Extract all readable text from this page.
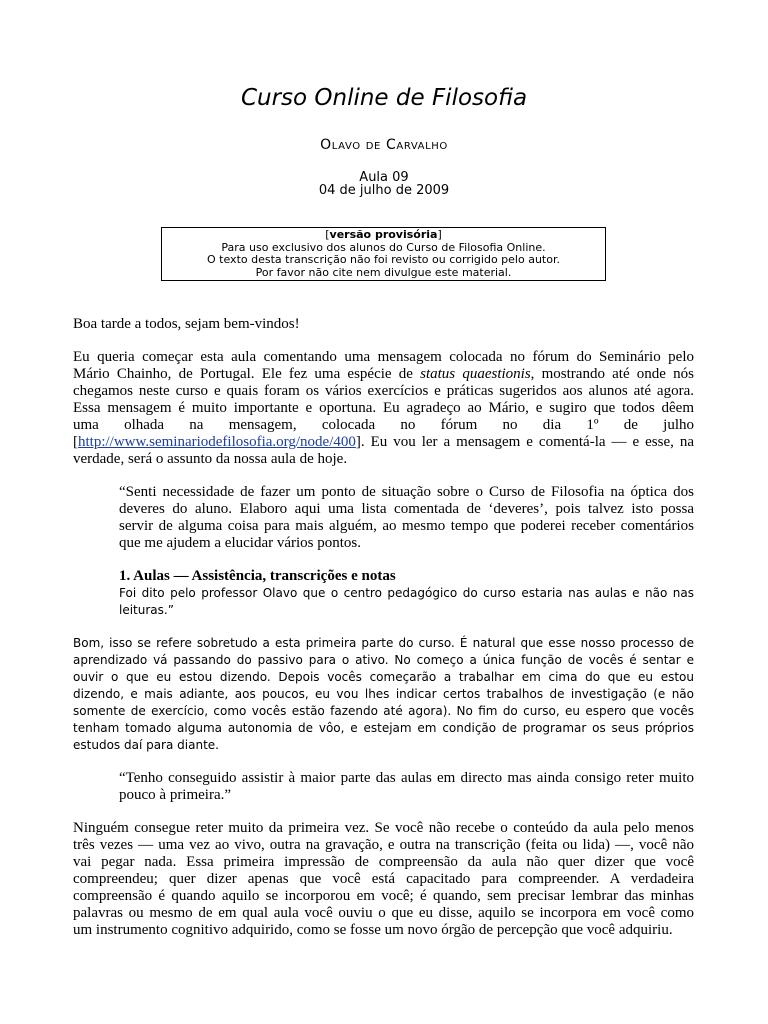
Curso Online de Filosofia
Olavo de Carvalho
Aula 09
04 de julho de 2009
[versão provisória]
Para uso exclusivo dos alunos do Curso de Filosofia Online.
O texto desta transcrição não foi revisto ou corrigido pelo autor.
Por favor não cite nem divulgue este material.
Boa tarde a todos, sejam bem-vindos!
Eu queria começar esta aula comentando uma mensagem colocada no fórum do Seminário pelo
Mário Chainho, de Portugal. Ele fez uma espécie de status quaestionis, mostrando até onde nós
chegamos neste curso e quais foram os vários exercícios e práticas sugeridos aos alunos até agora.
Essa mensagem é muito importante e oportuna. Eu agradeço ao Mário, e sugiro que todos dêem
uma olhada na mensagem, colocada no fórum no dia 1º de julho
[http://www.seminariodefilosofia.org/node/400]. Eu vou ler a mensagem e comentá-la — e esse, na
verdade, será o assunto da nossa aula de hoje.
“Senti necessidade de fazer um ponto de situação sobre o Curso de Filosofia na óptica dos
deveres do aluno. Elaboro aqui uma lista comentada de ‘deveres’, pois talvez isto possa
servir de alguma coisa para mais alguém, ao mesmo tempo que poderei receber comentários
que me ajudem a elucidar vários pontos.
1. Aulas — Assistência, transcrições e notas
Foi dito pelo professor Olavo que o centro pedagógico do curso estaria nas aulas e não nas
leituras.”
Bom, isso se refere sobretudo a esta primeira parte do curso. É natural que esse nosso processo de
aprendizado vá passando do passivo para o ativo. No começo a única função de vocês é sentar e
ouvir o que eu estou dizendo. Depois vocês começarão a trabalhar em cima do que eu estou
dizendo, e mais adiante, aos poucos, eu vou lhes indicar certos trabalhos de investigação (e não
somente de exercício, como vocês estão fazendo até agora). No fim do curso, eu espero que vocês
tenham tomado alguma autonomia de vôo, e estejam em condição de programar os seus próprios
estudos daí para diante.
“Tenho conseguido assistir à maior parte das aulas em directo mas ainda consigo reter muito
pouco à primeira.”
Ninguém consegue reter muito da primeira vez. Se você não recebe o conteúdo da aula pelo menos
três vezes — uma vez ao vivo, outra na gravação, e outra na transcrição (feita ou lida) —, você não
vai pegar nada. Essa primeira impressão de compreensão da aula não quer dizer que você
compreendeu; quer dizer apenas que você está capacitado para compreender. A verdadeira
compreensão é quando aquilo se incorporou em você; é quando, sem precisar lembrar das minhas
palavras ou mesmo de em qual aula você ouviu o que eu disse, aquilo se incorpora em você como
um instrumento cognitivo adquirido, como se fosse um novo órgão de percepção que você adquiriu.
